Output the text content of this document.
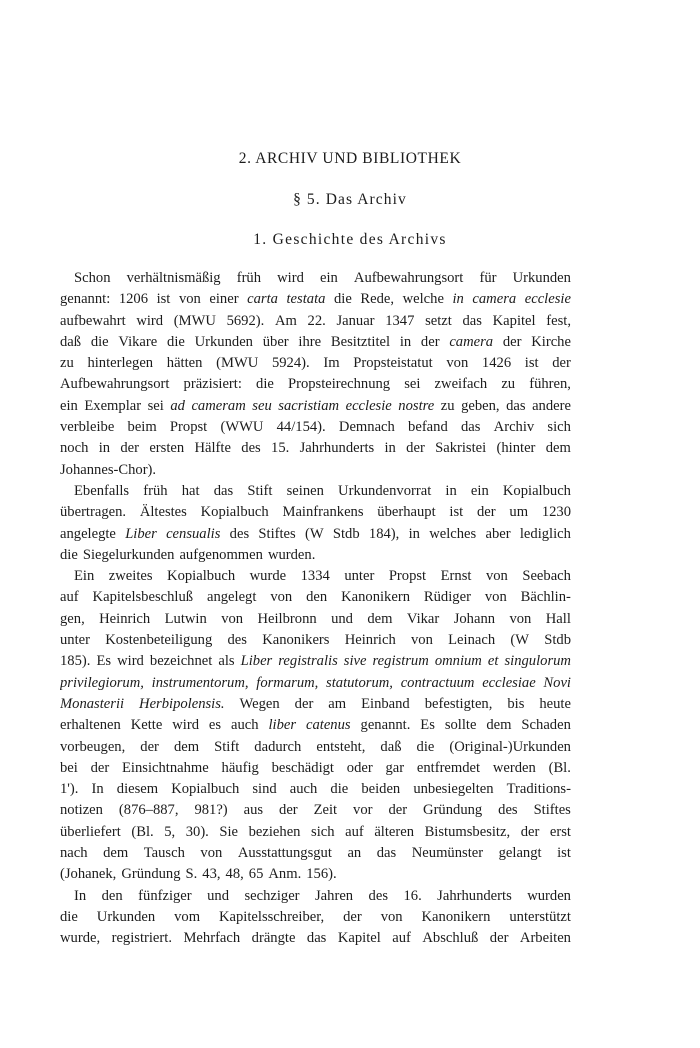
2. ARCHIV UND BIBLIOTHEK
§ 5. Das Archiv
1. Geschichte des Archivs
Schon verhältnismäßig früh wird ein Aufbewahrungsort für Urkunden
genannt: 1206 ist von einer carta testata die Rede, welche in camera ecclesie
aufbewahrt wird (MWU 5692). Am 22. Januar 1347 setzt das Kapitel fest,
daß die Vikare die Urkunden über ihre Besitztitel in der camera der Kirche
zu hinterlegen hätten (MWU 5924). Im Propsteistatut von 1426 ist der
Aufbewahrungsort präzisiert: die Propsteirechnung sei zweifach zu führen,
ein Exemplar sei ad cameram seu sacristiam ecclesie nostre zu geben, das andere
verbleibe beim Propst (WWU 44/154). Demnach befand das Archiv sich
noch in der ersten Hälfte des 15. Jahrhunderts in der Sakristei (hinter dem
Johannes-Chor).
Ebenfalls früh hat das Stift seinen Urkundenvorrat in ein Kopialbuch
übertragen. Ältestes Kopialbuch Mainfrankens überhaupt ist der um 1230
angelegte Liber censualis des Stiftes (W Stdb 184), in welches aber lediglich
die Siegelurkunden aufgenommen wurden.
Ein zweites Kopialbuch wurde 1334 unter Propst Ernst von Seebach
auf Kapitelsbeschluß angelegt von den Kanonikern Rüdiger von Bächlin-
gen, Heinrich Lutwin von Heilbronn und dem Vikar Johann von Hall
unter Kostenbeteiligung des Kanonikers Heinrich von Leinach (W Stdb
185). Es wird bezeichnet als Liber registralis sive registrum omnium et singulorum
privilegiorum, instrumentorum, formarum, statutorum, contractuum ecclesiae Novi
Monasterii Herbipolensis. Wegen der am Einband befestigten, bis heute
erhaltenen Kette wird es auch liber catenus genannt. Es sollte dem Schaden
vorbeugen, der dem Stift dadurch entsteht, daß die (Original-)Urkunden
bei der Einsichtnahme häufig beschädigt oder gar entfremdet werden (Bl.
1'). In diesem Kopialbuch sind auch die beiden unbesiegelten Traditions-
notizen (876–887, 981?) aus der Zeit vor der Gründung des Stiftes
überliefert (Bl. 5, 30). Sie beziehen sich auf älteren Bistumsbesitz, der erst
nach dem Tausch von Ausstattungsgut an das Neumünster gelangt ist
(Johanek, Gründung S. 43, 48, 65 Anm. 156).
In den fünfziger und sechziger Jahren des 16. Jahrhunderts wurden
die Urkunden vom Kapitelsschreiber, der von Kanonikern unterstützt
wurde, registriert. Mehrfach drängte das Kapitel auf Abschluß der Arbeiten
